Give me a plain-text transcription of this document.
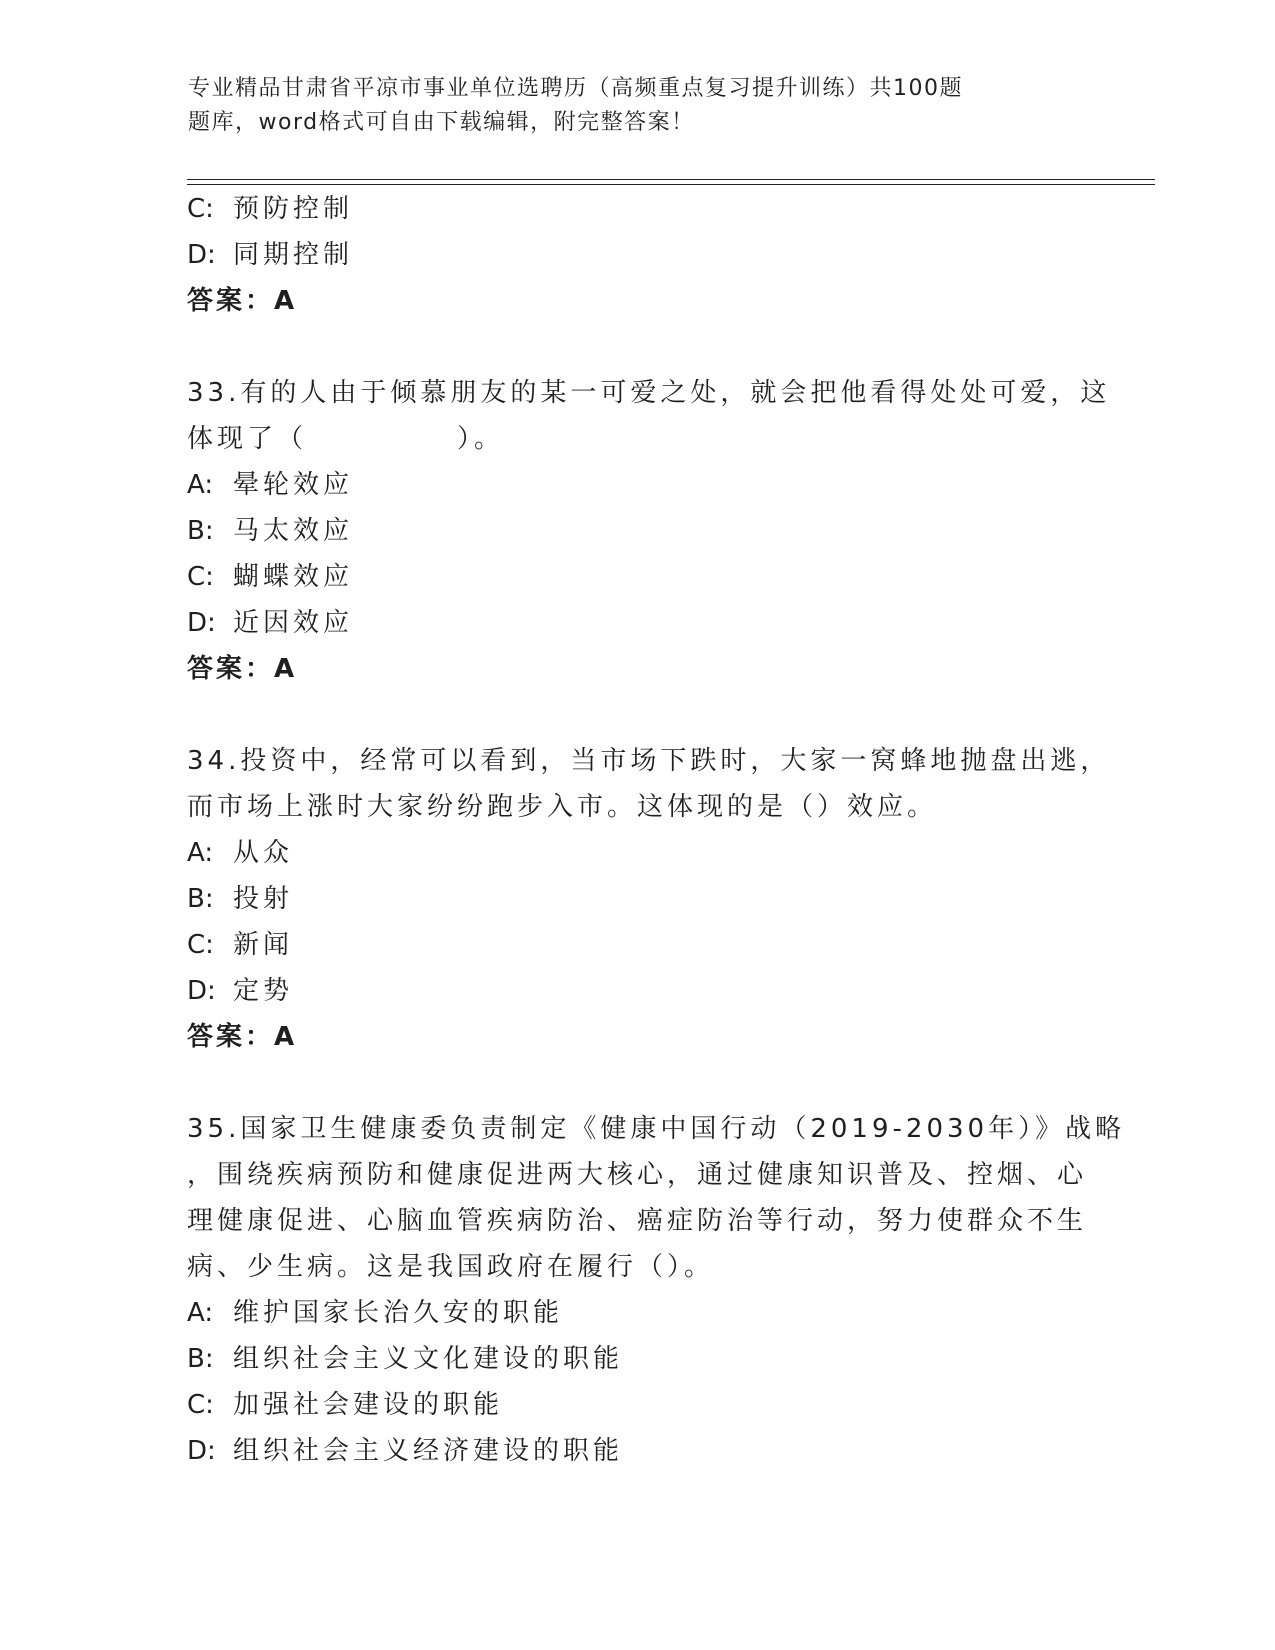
专业精品甘肃省平凉市事业单位选聘历（高频重点复习提升训练）共100题
题库，word格式可自由下载编辑，附完整答案！
C: 预防控制
D: 同期控制
答案：A
33.有的人由于倾慕朋友的某一可爱之处，就会把他看得处处可爱，这
体现了（　　　　　）。
A: 晕轮效应
B: 马太效应
C: 蝴蝶效应
D: 近因效应
答案：A
34.投资中，经常可以看到，当市场下跌时，大家一窝蜂地抛盘出逃，
而市场上涨时大家纷纷跑步入市。这体现的是（）效应。
A: 从众
B: 投射
C: 新闻
D: 定势
答案：A
35.国家卫生健康委负责制定《健康中国行动（2019-2030年）》战略
，围绕疾病预防和健康促进两大核心，通过健康知识普及、控烟、心
理健康促进、心脑血管疾病防治、癌症防治等行动，努力使群众不生
病、少生病。这是我国政府在履行（）。
A: 维护国家长治久安的职能
B: 组织社会主义文化建设的职能
C: 加强社会建设的职能
D: 组织社会主义经济建设的职能
